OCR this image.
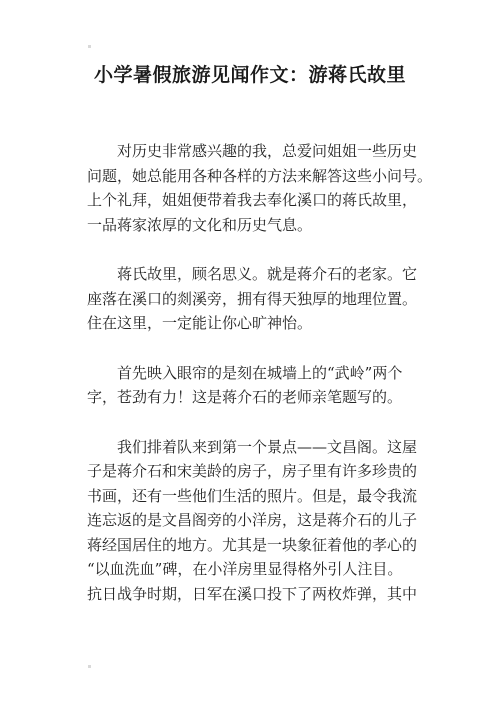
小学暑假旅游见闻作文：游蒋氏故里

对历史非常感兴趣的我，总爱问姐姐一些历史
问题，她总能用各种各样的方法来解答这些小问号。
上个礼拜，姐姐便带着我去奉化溪口的蒋氏故里，
一品蒋家浓厚的文化和历史气息。

蒋氏故里，顾名思义。就是蒋介石的老家。它
座落在溪口的剡溪旁，拥有得天独厚的地理位置。
住在这里，一定能让你心旷神怡。

首先映入眼帘的是刻在城墙上的“武岭”两个
字，苍劲有力！这是蒋介石的老师亲笔题写的。

我们排着队来到第一个景点——文昌阁。这屋
子是蒋介石和宋美龄的房子，房子里有许多珍贵的
书画，还有一些他们生活的照片。但是，最令我流
连忘返的是文昌阁旁的小洋房，这是蒋介石的儿子
蒋经国居住的地方。尤其是一块象征着他的孝心的
“以血洗血”碑，在小洋房里显得格外引人注目。
抗日战争时期，日军在溪口投下了两枚炸弹，其中
